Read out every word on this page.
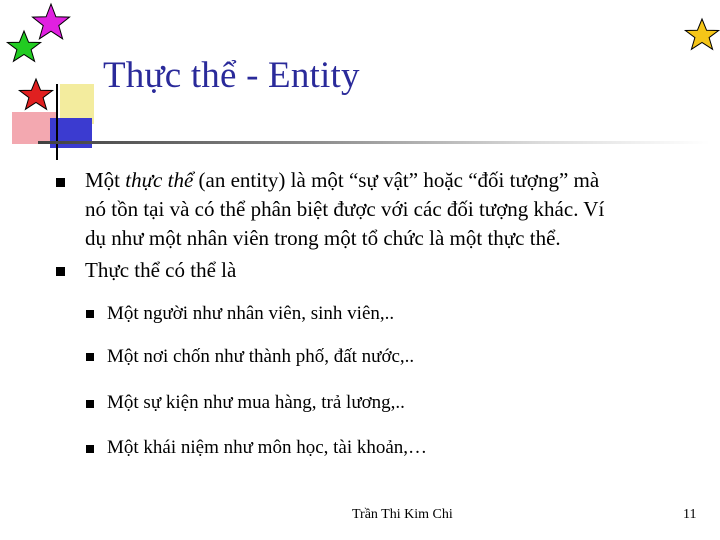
Thực thể - Entity
Một thực thể (an entity) là một “sự vật” hoặc “đối tượng” mà
nó tồn tại và có thể phân biệt được với các đối tượng khác. Ví
dụ như một nhân viên trong một tổ chức là một thực thể.
Thực thể có thể là
Một người như nhân viên, sinh viên,..
Một nơi chốn như thành phố, đất nước,..
Một sự kiện như mua hàng, trả lương,..
Một khái niệm như môn học, tài khoản,…
Trần Thi Kim Chi	11
